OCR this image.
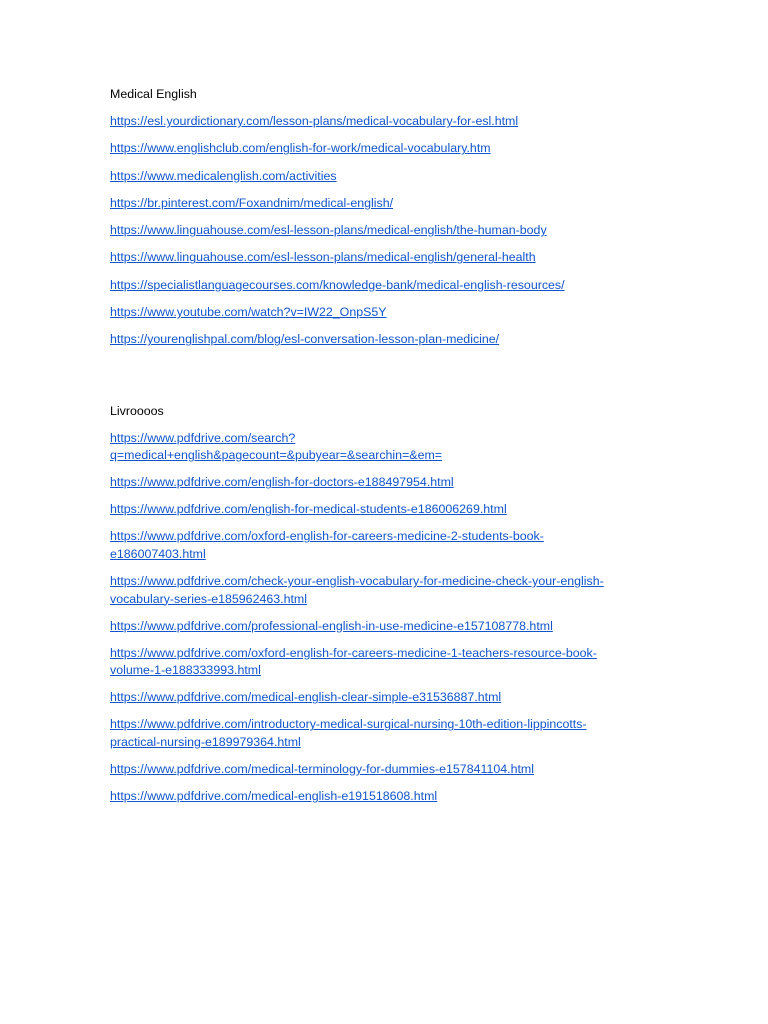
Medical English
https://esl.yourdictionary.com/lesson-plans/medical-vocabulary-for-esl.html
https://www.englishclub.com/english-for-work/medical-vocabulary.htm
https://www.medicalenglish.com/activities
https://br.pinterest.com/Foxandnim/medical-english/
https://www.linguahouse.com/esl-lesson-plans/medical-english/the-human-body
https://www.linguahouse.com/esl-lesson-plans/medical-english/general-health
https://specialistlanguagecourses.com/knowledge-bank/medical-english-resources/
https://www.youtube.com/watch?v=IW22_OnpS5Y
https://yourenglishpal.com/blog/esl-conversation-lesson-plan-medicine/
Livroooos
https://www.pdfdrive.com/search?
q=medical+english&pagecount=&pubyear=&searchin=&em=
https://www.pdfdrive.com/english-for-doctors-e188497954.html
https://www.pdfdrive.com/english-for-medical-students-e186006269.html
https://www.pdfdrive.com/oxford-english-for-careers-medicine-2-students-book-
e186007403.html
https://www.pdfdrive.com/check-your-english-vocabulary-for-medicine-check-your-english-
vocabulary-series-e185962463.html
https://www.pdfdrive.com/professional-english-in-use-medicine-e157108778.html
https://www.pdfdrive.com/oxford-english-for-careers-medicine-1-teachers-resource-book-
volume-1-e188333993.html
https://www.pdfdrive.com/medical-english-clear-simple-e31536887.html
https://www.pdfdrive.com/introductory-medical-surgical-nursing-10th-edition-lippincotts-
practical-nursing-e189979364.html
https://www.pdfdrive.com/medical-terminology-for-dummies-e157841104.html
https://www.pdfdrive.com/medical-english-e191518608.html
